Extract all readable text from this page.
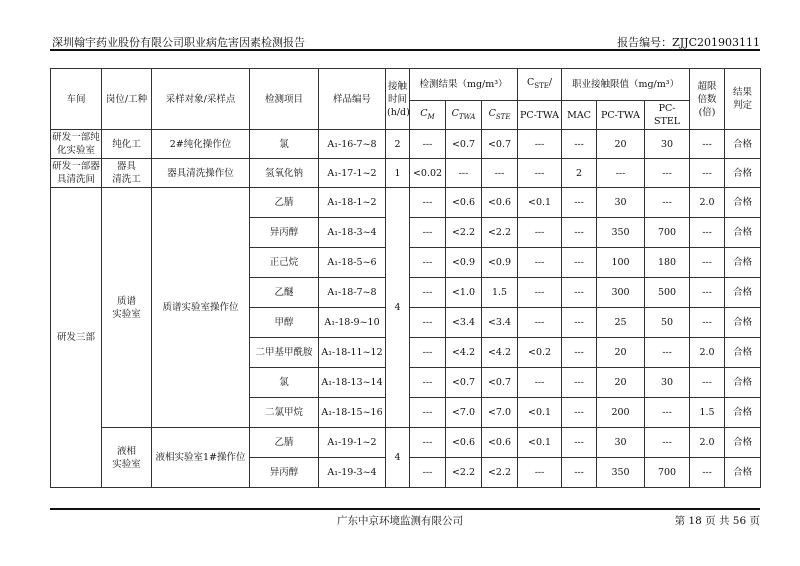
深圳翰宇药业股份有限公司职业病危害因素检测报告	报告编号：ZJJC201903111
车间	岗位/工种	采样对象/采样点	检测项目	样品编号	接触
时间
(h/d)	检测结果（mg/m³）			$C_{STE}/$	职业接触限值（mg/m³）			超限
倍数
(倍)	结果
判定
						$C_M$	$C_{TWA}$	$C_{STE}$	PC-TWA	MAC	PC-TWA	PC-STEL		
研发一部纯
化实验室	纯化工	2#纯化操作位	氯	A₁-16-7~8	2	---	<0.7	<0.7	---	---	20	30	---	合格
研发一部器
具清洗间	器具
清洗工	器具清洗操作位	氢氧化钠	A₁-17-1~2	1	<0.02	---	---	---	2	---	---	---	合格
研发三部	质谱
实验室	质谱实验室操作位	乙腈	A₁-18-1~2	4	---	<0.6	<0.6	<0.1	---	30	---	2.0	合格
			异丙醇	A₁-18-3~4		---	<2.2	<2.2	---	---	350	700	---	合格
			正己烷	A₁-18-5~6		---	<0.9	<0.9	---	---	100	180	---	合格
			乙醚	A₁-18-7~8		---	<1.0	1.5	---	---	300	500	---	合格
			甲醇	A₁-18-9~10		---	<3.4	<3.4	---	---	25	50	---	合格
			二甲基甲酰胺	A₁-18-11~12		---	<4.2	<4.2	<0.2	---	20	---	2.0	合格
			氯	A₁-18-13~14		---	<0.7	<0.7	---	---	20	30	---	合格
			二氯甲烷	A₁-18-15~16		---	<7.0	<7.0	<0.1	---	200	---	1.5	合格
	液相
实验室	液相实验室1#操作位	乙腈	A₁-19-1~2	4	---	<0.6	<0.6	<0.1	---	30	---	2.0	合格
			异丙醇	A₁-19-3~4		---	<2.2	<2.2	---	---	350	700	---	合格
广东中京环境监测有限公司	第 18 页 共 56 页
